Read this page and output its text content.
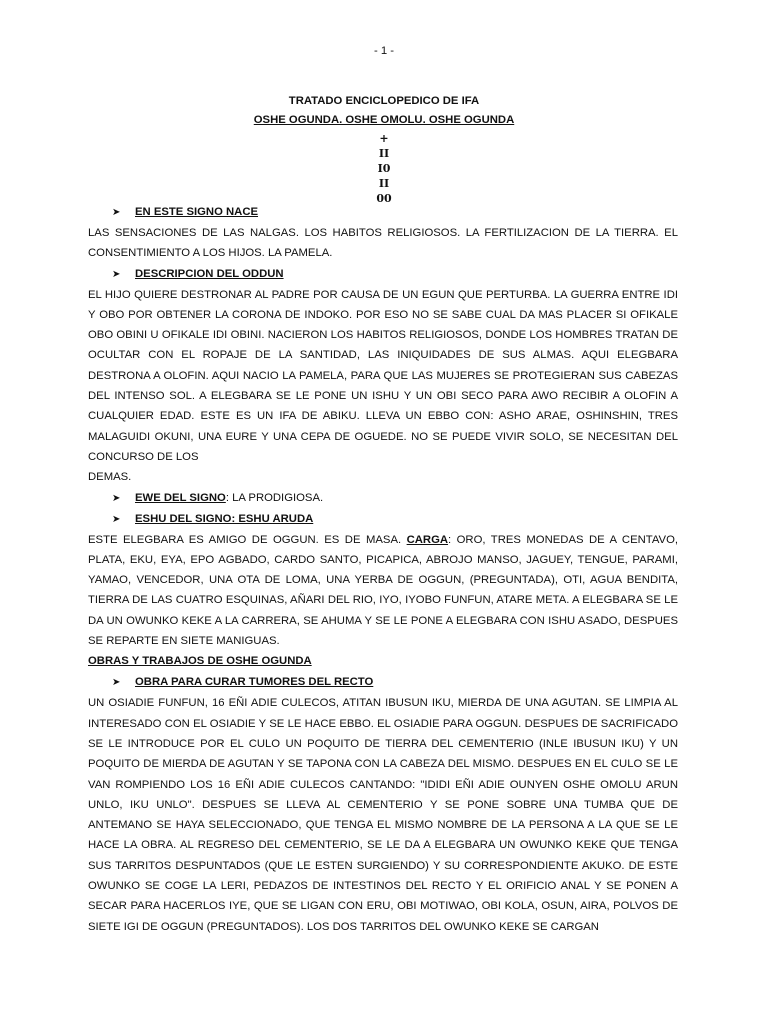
- 1 -
TRATADO ENCICLOPEDICO DE IFA
OSHE OGUNDA. OSHE OMOLU. OSHE OGUNDA
+
II
I0
II
00
➤ EN ESTE SIGNO NACE
LAS SENSACIONES DE LAS NALGAS. LOS HABITOS RELIGIOSOS. LA FERTILIZACION DE LA TIERRA. EL CONSENTIMIENTO A LOS HIJOS. LA PAMELA.
➤ DESCRIPCION DEL ODDUN
EL HIJO QUIERE DESTRONAR AL PADRE POR CAUSA DE UN EGUN QUE PERTURBA. LA GUERRA ENTRE IDI Y OBO POR OBTENER LA CORONA DE INDOKO. POR ESO NO SE SABE CUAL DA MAS PLACER SI OFIKALE OBO OBINI U OFIKALE IDI OBINI. NACIERON LOS HABITOS RELIGIOSOS, DONDE LOS HOMBRES TRATAN DE OCULTAR CON EL ROPAJE DE LA SANTIDAD, LAS INIQUIDADES DE SUS ALMAS. AQUI ELEGBARA DESTRONA A OLOFIN. AQUI NACIO LA PAMELA, PARA QUE LAS MUJERES SE PROTEGIERAN SUS CABEZAS DEL INTENSO SOL. A ELEGBARA SE LE PONE UN ISHU Y UN OBI SECO PARA AWO RECIBIR A OLOFIN A CUALQUIER EDAD. ESTE ES UN IFA DE ABIKU. LLEVA UN EBBO CON: ASHO ARAE, OSHINSHIN, TRES MALAGUIDI OKUNI, UNA EURE Y UNA CEPA DE OGUEDE. NO SE PUEDE VIVIR SOLO, SE NECESITAN DEL CONCURSO DE LOS
DEMAS.
➤ EWE DEL SIGNO: LA PRODIGIOSA.
➤ ESHU DEL SIGNO: ESHU ARUDA
ESTE ELEGBARA ES AMIGO DE OGGUN. ES DE MASA. CARGA: ORO, TRES MONEDAS DE A CENTAVO, PLATA, EKU, EYA, EPO AGBADO, CARDO SANTO, PICAPICA, ABROJO MANSO, JAGUEY, TENGUE, PARAMI, YAMAO, VENCEDOR, UNA OTA DE LOMA, UNA YERBA DE OGGUN, (PREGUNTADA), OTI, AGUA BENDITA, TIERRA DE LAS CUATRO ESQUINAS, AÑARI DEL RIO, IYO, IYOBO FUNFUN, ATARE META. A ELEGBARA SE LE DA UN OWUNKO KEKE A LA CARRERA, SE AHUMA Y SE LE PONE A ELEGBARA CON ISHU ASADO, DESPUES SE REPARTE EN SIETE MANIGUAS.
OBRAS Y TRABAJOS DE OSHE OGUNDA
➤ OBRA PARA CURAR TUMORES DEL RECTO
UN OSIADIE FUNFUN, 16 EÑI ADIE CULECOS, ATITAN IBUSUN IKU, MIERDA DE UNA AGUTAN. SE LIMPIA AL INTERESADO CON EL OSIADIE Y SE LE HACE EBBO. EL OSIADIE PARA OGGUN. DESPUES DE SACRIFICADO SE LE INTRODUCE POR EL CULO UN POQUITO DE TIERRA DEL CEMENTERIO (INLE IBUSUN IKU) Y UN POQUITO DE MIERDA DE AGUTAN Y SE TAPONA CON LA CABEZA DEL MISMO. DESPUES EN EL CULO SE LE VAN ROMPIENDO LOS 16 EÑI ADIE CULECOS CANTANDO: "IDIDI EÑI ADIE OUNYEN OSHE OMOLU ARUN UNLO, IKU UNLO". DESPUES SE LLEVA AL CEMENTERIO Y SE PONE SOBRE UNA TUMBA QUE DE ANTEMANO SE HAYA SELECCIONADO, QUE TENGA EL MISMO NOMBRE DE LA PERSONA A LA QUE SE LE HACE LA OBRA. AL REGRESO DEL CEMENTERIO, SE LE DA A ELEGBARA UN OWUNKO KEKE QUE TENGA SUS TARRITOS DESPUNTADOS (QUE LE ESTEN SURGIENDO) Y SU CORRESPONDIENTE AKUKO. DE ESTE OWUNKO SE COGE LA LERI, PEDAZOS DE INTESTINOS DEL RECTO Y EL ORIFICIO ANAL Y SE PONEN A SECAR PARA HACERLOS IYE, QUE SE LIGAN CON ERU, OBI MOTIWAO, OBI KOLA, OSUN, AIRA, POLVOS DE SIETE IGI DE OGGUN (PREGUNTADOS). LOS DOS TARRITOS DEL OWUNKO KEKE SE CARGAN
